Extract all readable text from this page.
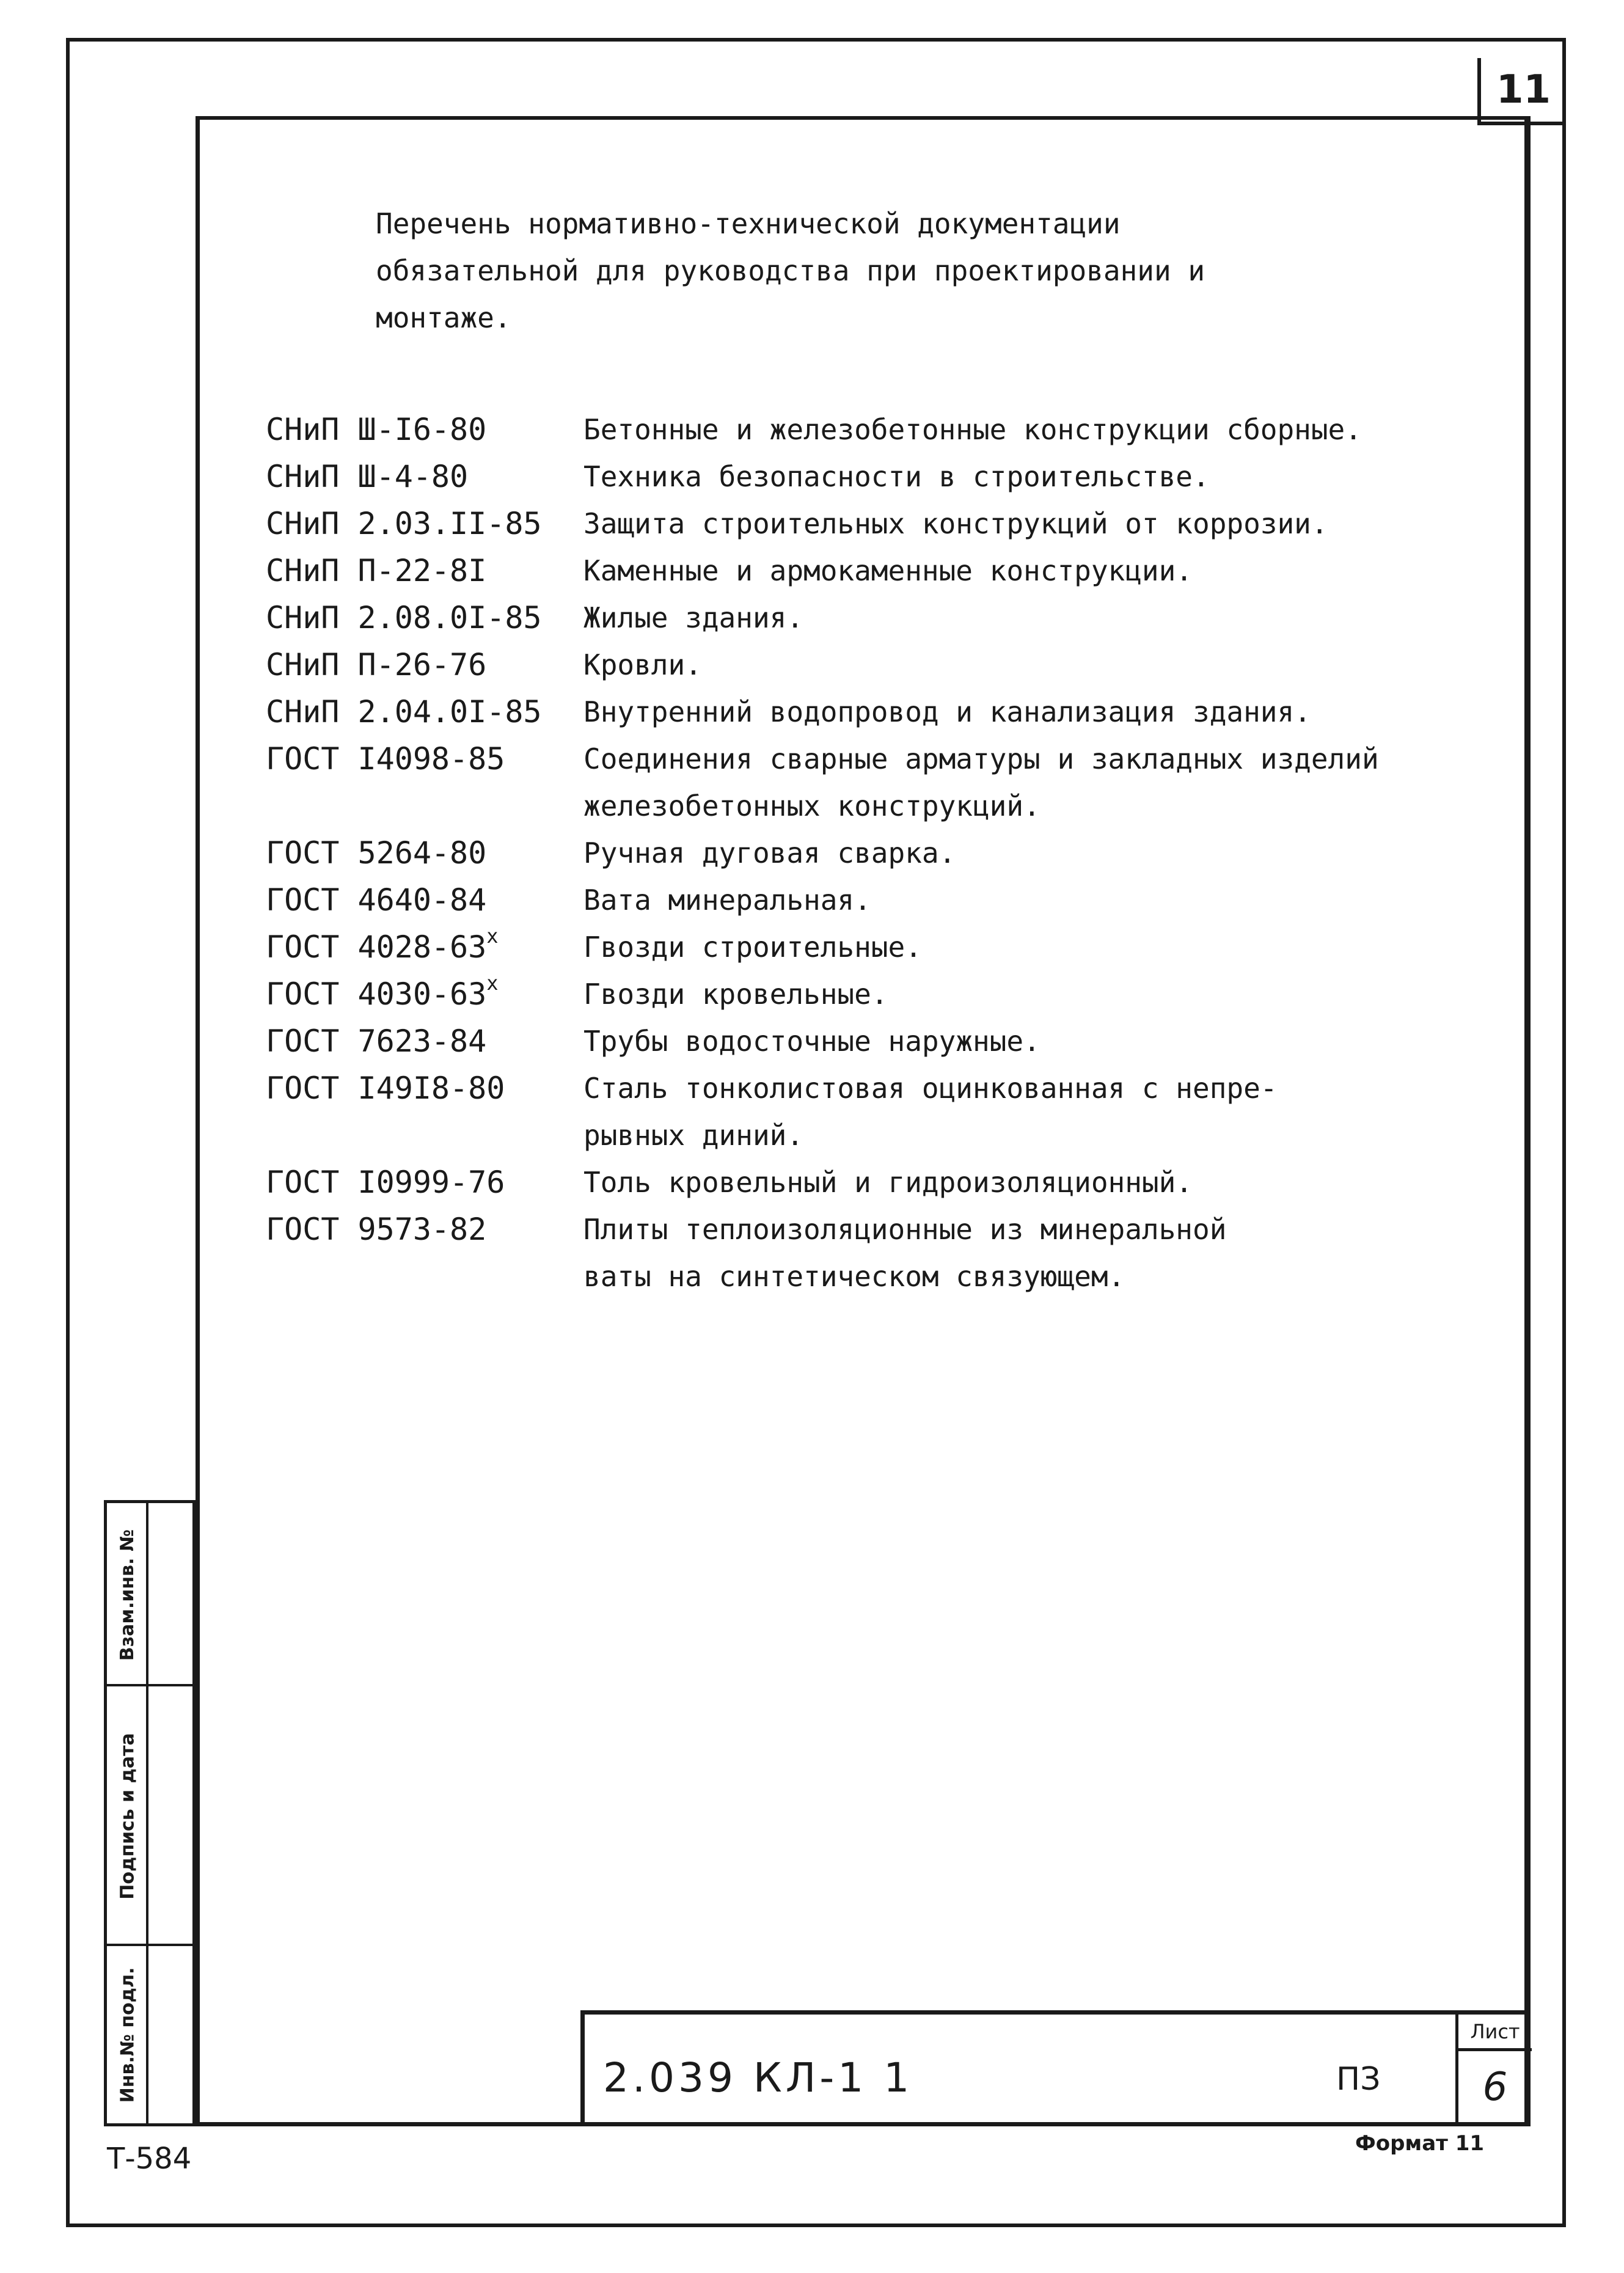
11
Перечень нормативно-технической документации
обязательной для руководства при проектировании и
монтаже.
СНиП Ш-I6-80	Бетонные и железобетонные конструкции сборные.
СНиП Ш-4-80	Техника безопасности в строительстве.
СНиП 2.03.II-85	Защита строительных конструкций от коррозии.
СНиП П-22-8I	Каменные и армокаменные конструкции.
СНиП 2.08.0I-85	Жилые здания.
СНиП П-26-76	Кровли.
СНиП 2.04.0I-85	Внутренний водопровод и канализация здания.
ГОСТ I4098-85	Соединения сварные арматуры и закладных изделий
железобетонных конструкций.
ГОСТ 5264-80	Ручная дуговая сварка.
ГОСТ 4640-84	Вата минеральная.
ГОСТ 4028-63$^x$	Гвозди строительные.
ГОСТ 4030-63$^x$	Гвозди кровельные.
ГОСТ 7623-84	Трубы водосточные наружные.
ГОСТ I49I8-80	Сталь тонколистовая оцинкованная с непре-
рывных диний.
ГОСТ I0999-76	Толь кровельный и гидроизоляционный.
ГОСТ 9573-82	Плиты теплоизоляционные из минеральной
ваты на синтетическом связующем.
Взам.инв. №
Подпись и дата
Инв.№ подл.	2.039 КЛ-1 1	ПЗ
Лист
6
Т-584	Формат 11
